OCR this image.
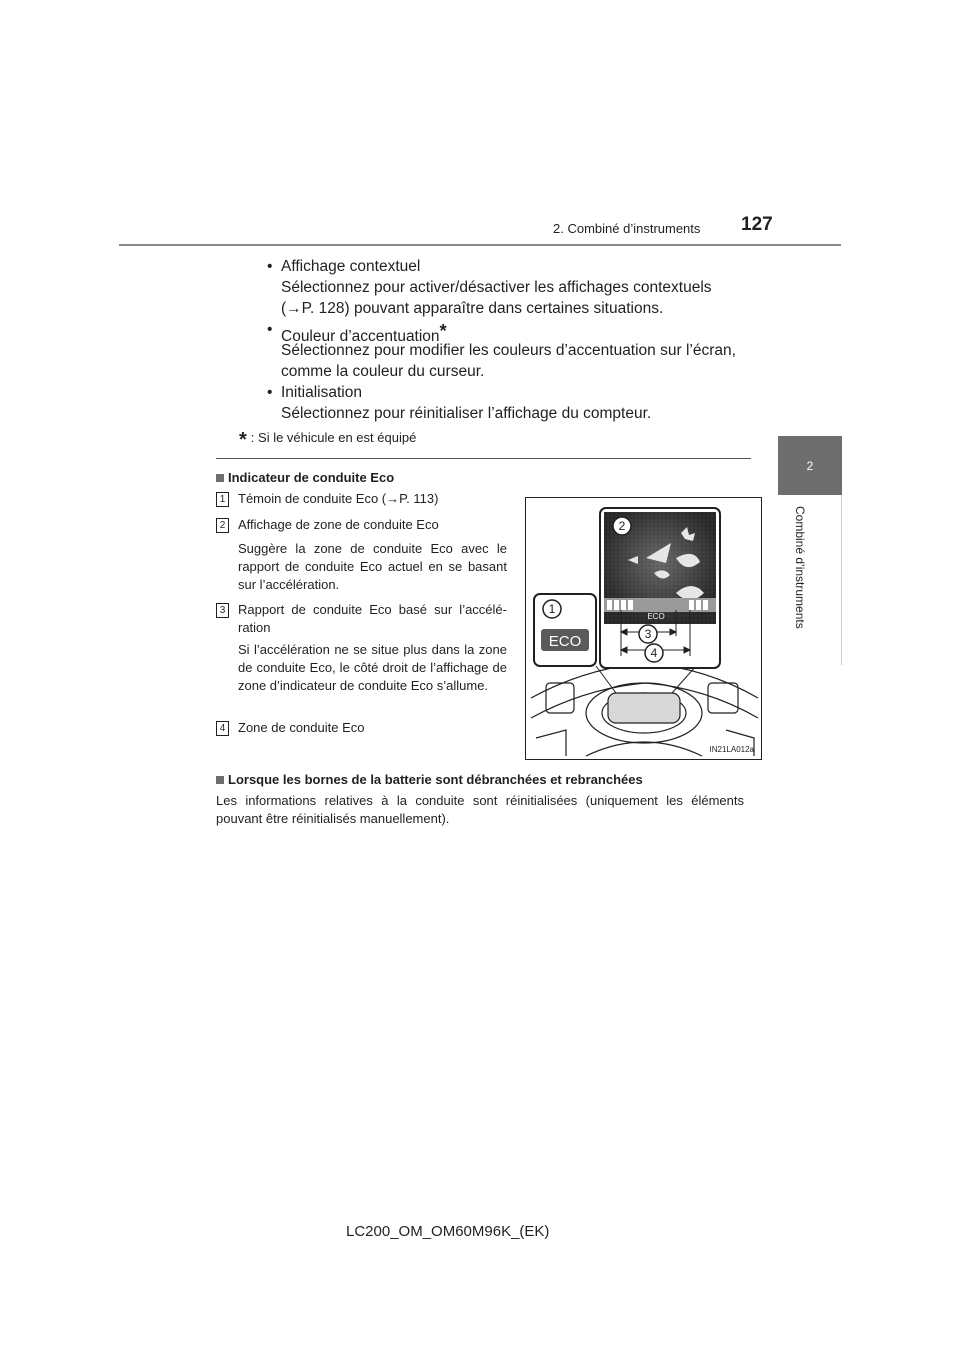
2. Combiné d’instruments 127
2
Combiné d’instruments
• Affichage contextuel
Sélectionnez pour activer/désactiver les affichages contextuels
(→P. 128) pouvant apparaître dans certaines situations.
• Couleur d’accentuation*
Sélectionnez pour modifier les couleurs d’accentuation sur l’écran,
comme la couleur du curseur.
• Initialisation
Sélectionnez pour réinitialiser l’affichage du compteur.
* : Si le véhicule en est équipé
Indicateur de conduite Eco
1 Témoin de conduite Eco (→P. 113)
2 Affichage de zone de conduite Eco
Suggère la zone de conduite Eco avec le rapport de conduite Eco actuel en se basant sur l’accélération.
3 Rapport de conduite Eco basé sur l’accélé-ration
Si l’accélération ne se situe plus dans la zone de conduite Eco, le côté droit de l’affichage de zone d’indicateur de conduite Eco s’allume.
4 Zone de conduite Eco
ECO
2
3
4
1
ECO
IN21LA012a
Lorsque les bornes de la batterie sont débranchées et rebranchées
Les informations relatives à la conduite sont réinitialisées (uniquement les éléments
pouvant être réinitialisés manuellement).
LC200_OM_OM60M96K_(EK)
